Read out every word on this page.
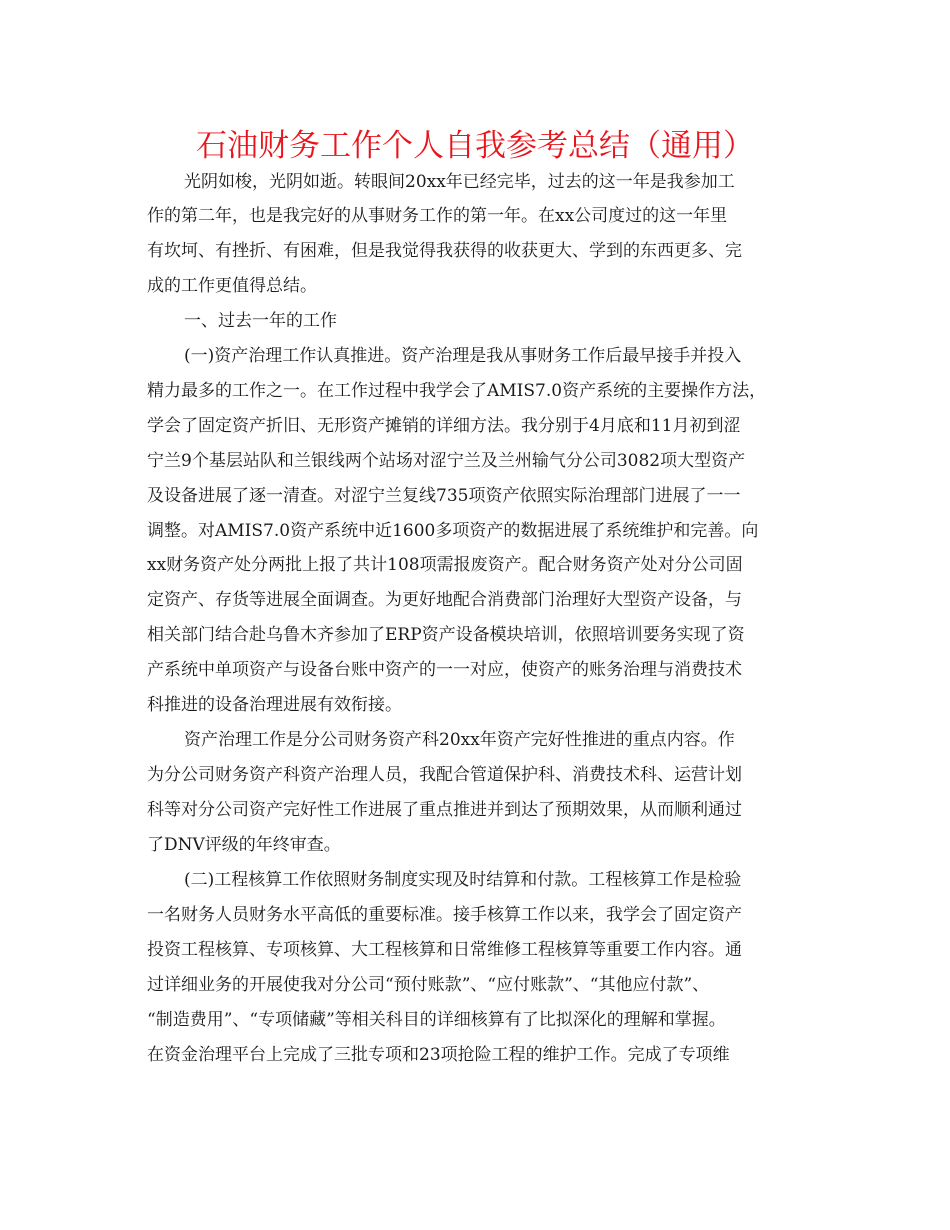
石油财务工作个人自我参考总结（通用）
光阴如梭，光阴如逝。转眼间20xx年已经完毕，过去的这一年是我参加工
作的第二年，也是我完好的从事财务工作的第一年。在xx公司度过的这一年里
有坎坷、有挫折、有困难，但是我觉得我获得的收获更大、学到的东西更多、完
成的工作更值得总结。
一、过去一年的工作
(一)资产治理工作认真推进。资产治理是我从事财务工作后最早接手并投入
精力最多的工作之一。在工作过程中我学会了AMIS7.0资产系统的主要操作方法，
学会了固定资产折旧、无形资产摊销的详细方法。我分别于4月底和11月初到涩
宁兰9个基层站队和兰银线两个站场对涩宁兰及兰州输气分公司3082项大型资产
及设备进展了逐一清查。对涩宁兰复线735项资产依照实际治理部门进展了一一
调整。对AMIS7.0资产系统中近1600多项资产的数据进展了系统维护和完善。向
xx财务资产处分两批上报了共计108项需报废资产。配合财务资产处对分公司固
定资产、存货等进展全面调查。为更好地配合消费部门治理好大型资产设备，与
相关部门结合赴乌鲁木齐参加了ERP资产设备模块培训，依照培训要务实现了资
产系统中单项资产与设备台账中资产的一一对应，使资产的账务治理与消费技术
科推进的设备治理进展有效衔接。
资产治理工作是分公司财务资产科20xx年资产完好性推进的重点内容。作
为分公司财务资产科资产治理人员，我配合管道保护科、消费技术科、运营计划
科等对分公司资产完好性工作进展了重点推进并到达了预期效果，从而顺利通过
了DNV评级的年终审查。
(二)工程核算工作依照财务制度实现及时结算和付款。工程核算工作是检验
一名财务人员财务水平高低的重要标准。接手核算工作以来，我学会了固定资产
投资工程核算、专项核算、大工程核算和日常维修工程核算等重要工作内容。通
过详细业务的开展使我对分公司“预付账款”、“应付账款”、“其他应付款”、
“制造费用”、“专项储藏”等相关科目的详细核算有了比拟深化的理解和掌握。
在资金治理平台上完成了三批专项和23项抢险工程的维护工作。完成了专项维
